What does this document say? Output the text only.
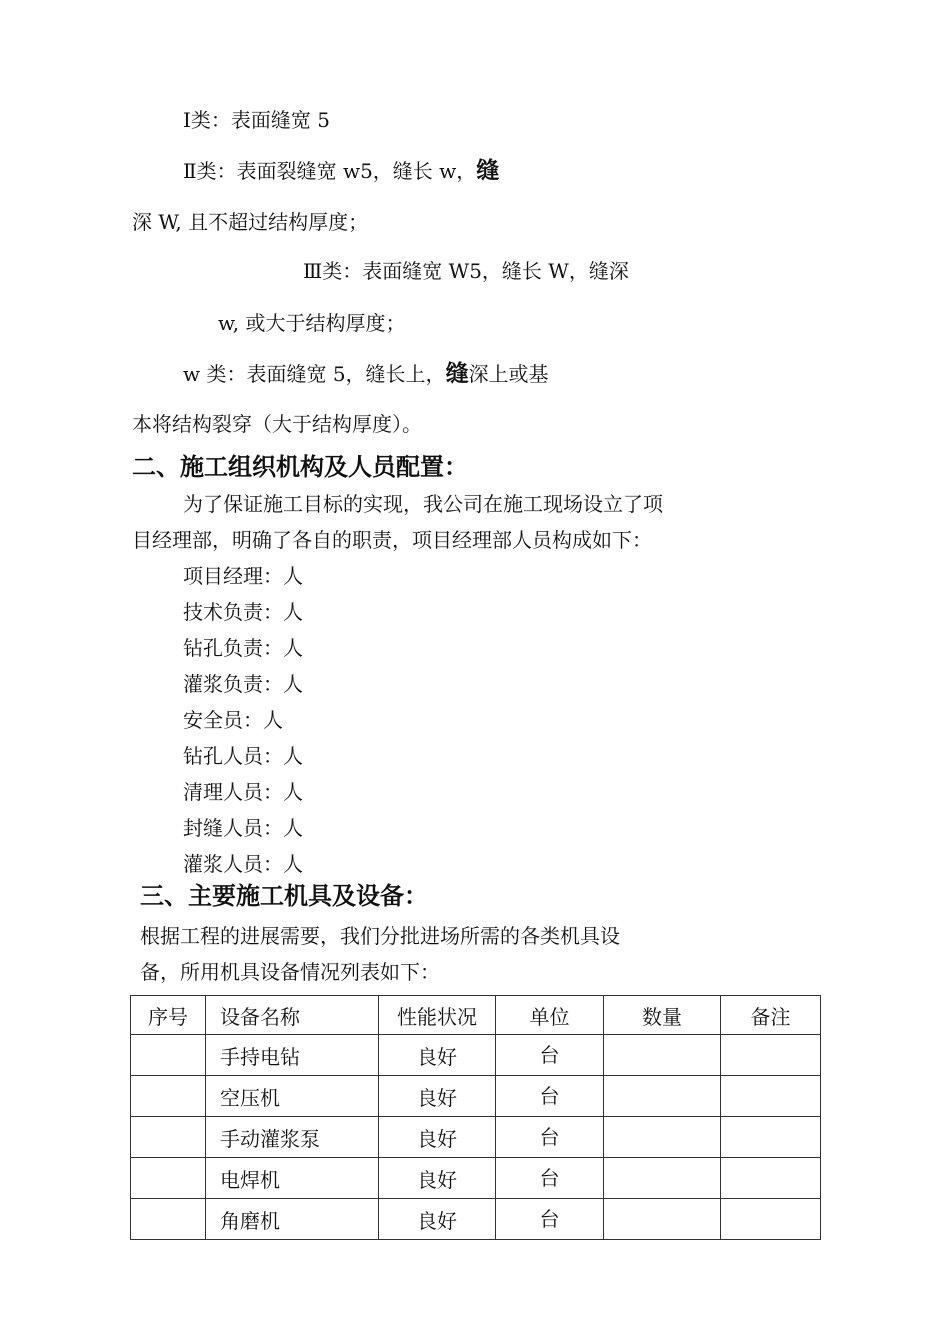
Ⅰ类：表面缝宽 5
Ⅱ类：表面裂缝宽 w5，缝长 w，缝
深 W, 且不超过结构厚度；
Ⅲ类：表面缝宽 W5，缝长 W，缝深
w, 或大于结构厚度；
w 类：表面缝宽 5，缝长上，缝深上或基
本将结构裂穿（大于结构厚度）。
二、施工组织机构及人员配置：
为了保证施工目标的实现，我公司在施工现场设立了项
目经理部，明确了各自的职责，项目经理部人员构成如下：
项目经理：人
技术负责：人
钻孔负责：人
灌浆负责：人
安全员：人
钻孔人员：人
清理人员：人
封缝人员：人
灌浆人员：人
三、主要施工机具及设备：
根据工程的进展需要，我们分批进场所需的各类机具设
备，所用机具设备情况列表如下：
序号	设备名称	性能状况	单位	数量	备注
	手持电钻	良好	台		
	空压机	良好	台		
	手动灌浆泵	良好	台		
	电焊机	良好	台		
	角磨机	良好	台		
